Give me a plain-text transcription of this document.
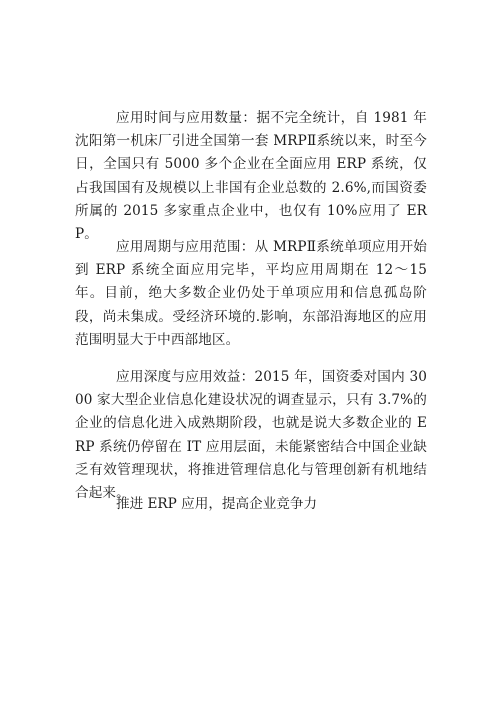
应用时间与应用数量：据不完全统计，自 1981 年沈阳第一机床厂引进全国第一套 MRPⅡ系统以来，时至今日，全国只有 5000 多个企业在全面应用 ERP 系统，仅占我国国有及规模以上非国有企业总数的 2.6%,而国资委所属的 2015 多家重点企业中，也仅有 10%应用了 ERP。

应用周期与应用范围：从 MRPⅡ系统单项应用开始到 ERP 系统全面应用完毕，平均应用周期在 12～15 年。目前，绝大多数企业仍处于单项应用和信息孤岛阶段，尚未集成。受经济环境的.影响，东部沿海地区的应用范围明显大于中西部地区。

应用深度与应用效益：2015 年，国资委对国内 3000 家大型企业信息化建设状况的调查显示，只有 3.7%的企业的信息化进入成熟期阶段，也就是说大多数企业的 ERP 系统仍停留在 IT 应用层面，未能紧密结合中国企业缺乏有效管理现状，将推进管理信息化与管理创新有机地结合起来。

推进 ERP 应用，提高企业竞争力
